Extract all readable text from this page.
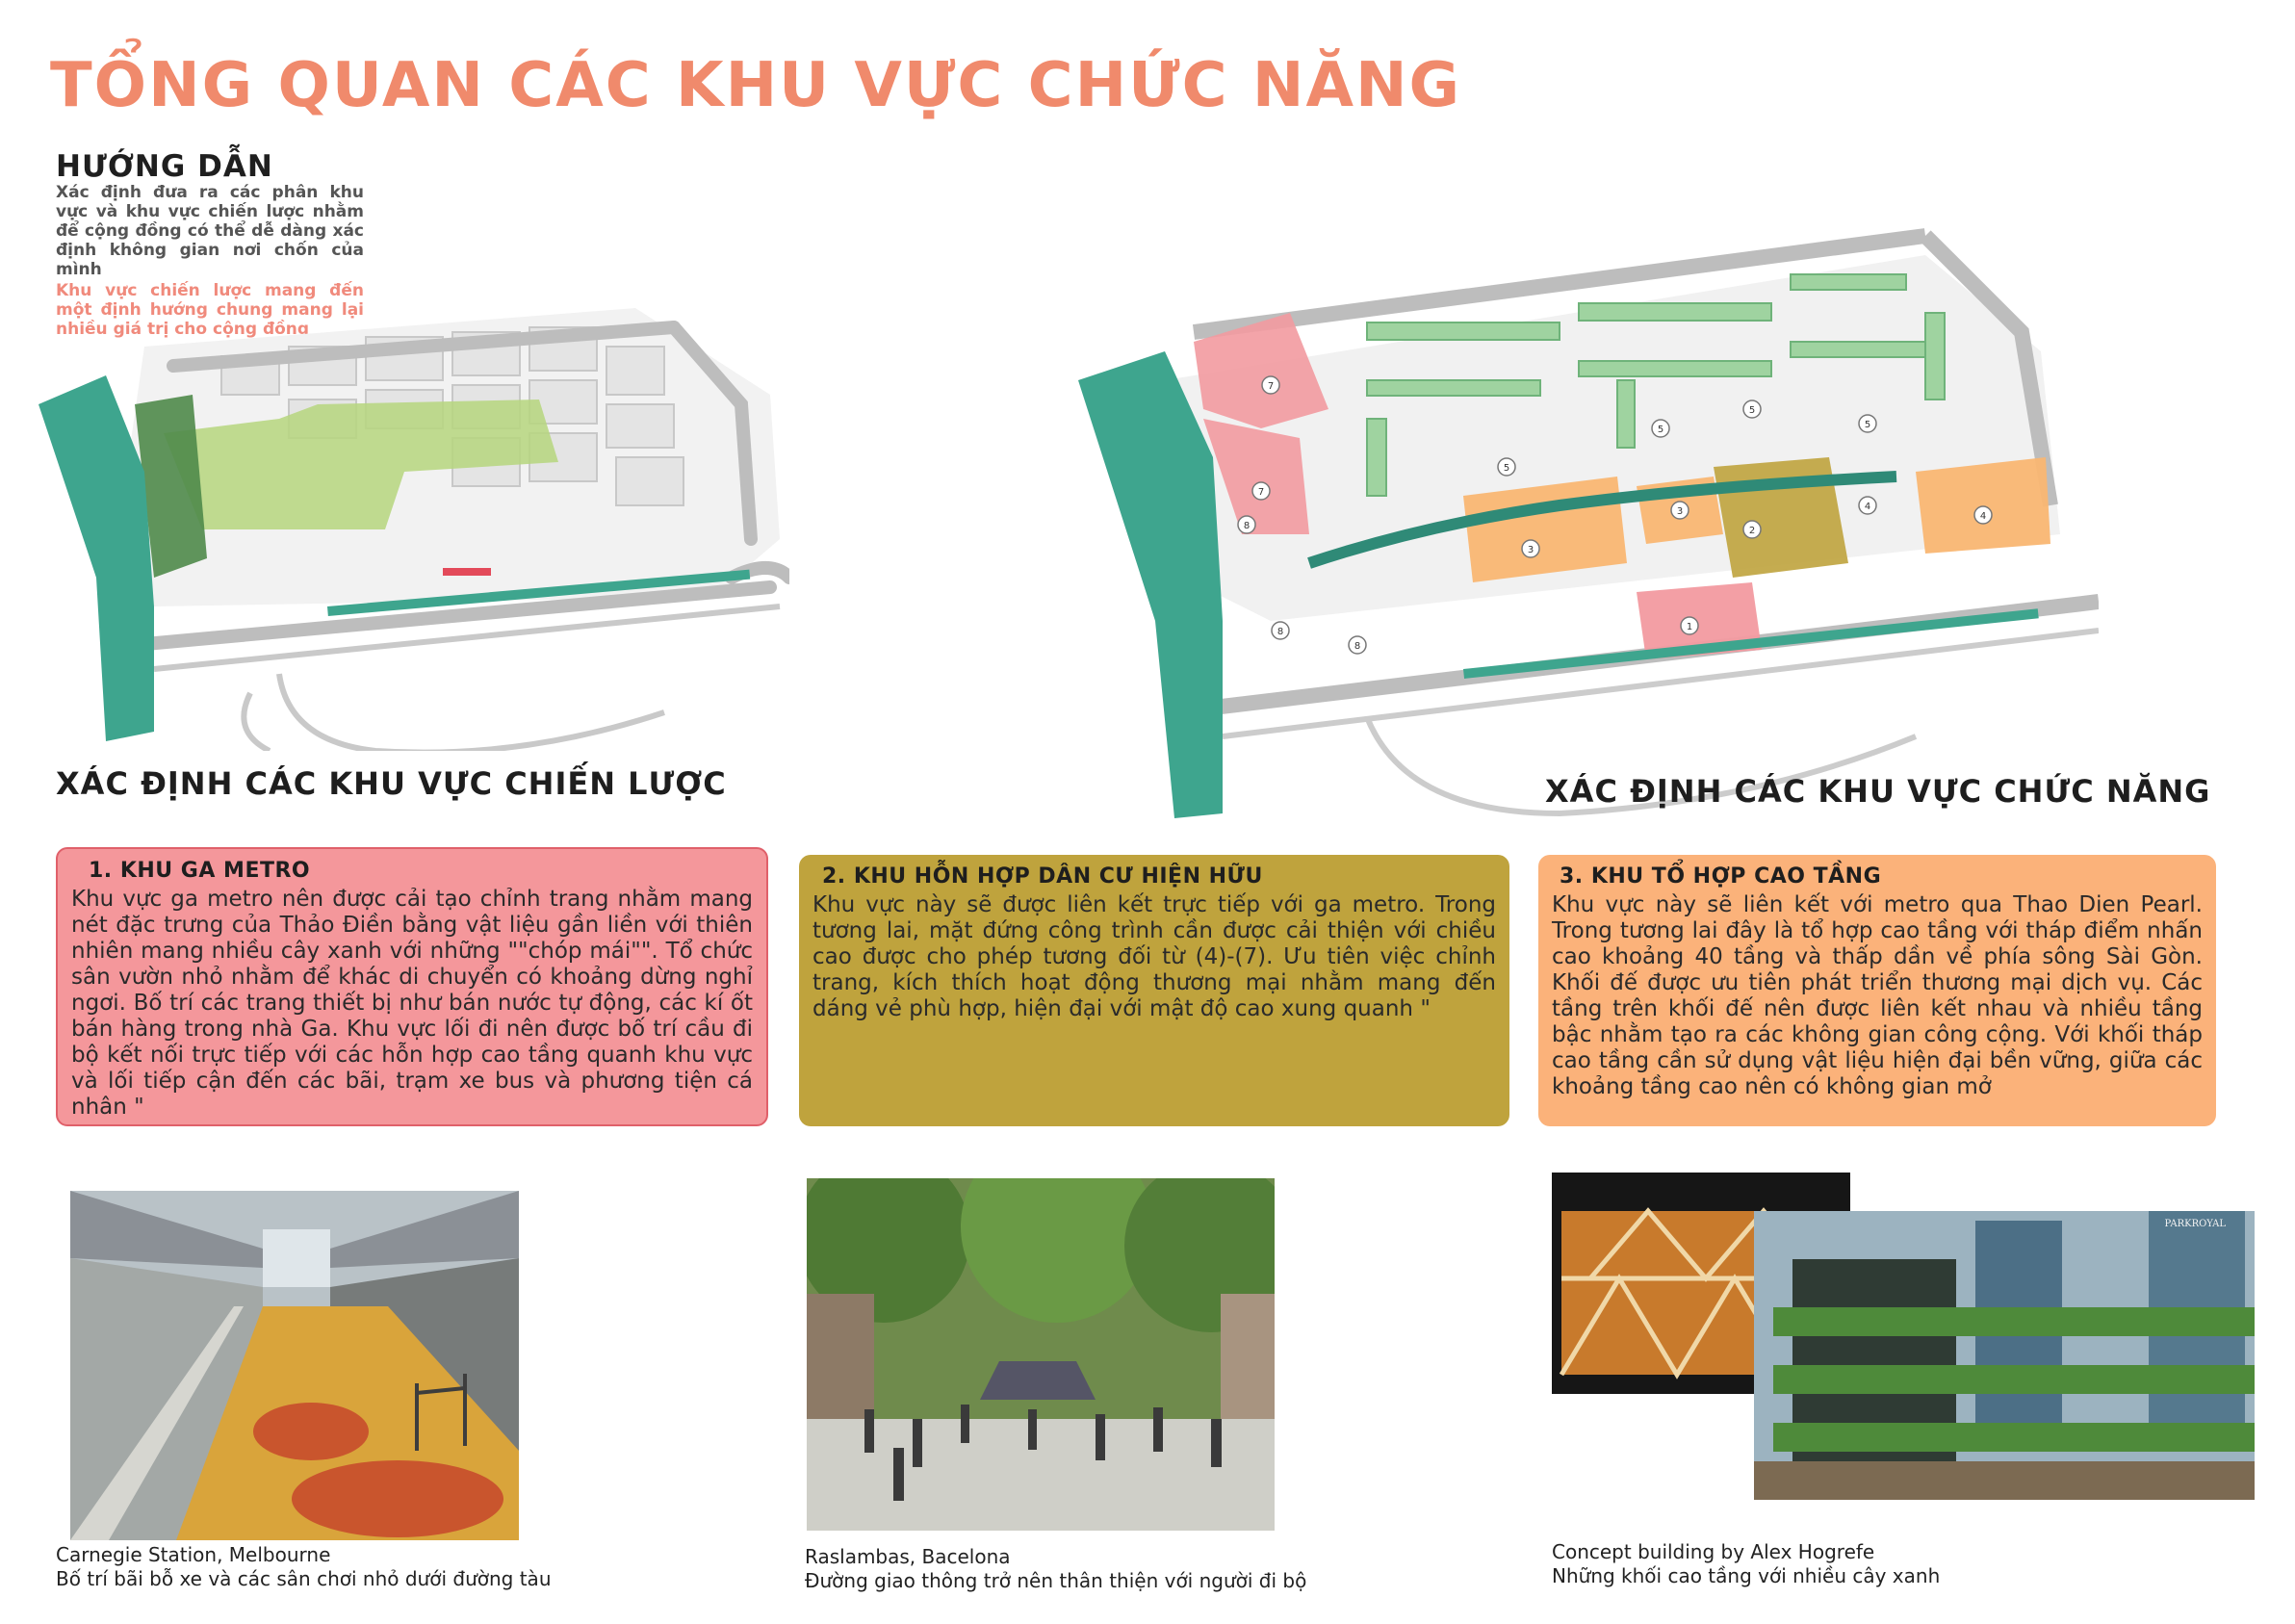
TỔNG QUAN CÁC KHU VỰC CHỨC NĂNG
HƯỚNG DẪN
Xác định đưa ra các phân khu vực và khu vực chiến lược nhằm để cộng đồng có thể dễ dàng xác định không gian nơi chốn của mình
Khu vực chiến lược mang đến một định hướng chung mang lại nhiều giá trị cho cộng đồng
7
7
8
8
8
5
5
5
5
3
3
2
4
4
1
XÁC ĐỊNH CÁC KHU VỰC CHIẾN LƯỢC	XÁC ĐỊNH CÁC KHU VỰC CHỨC NĂNG
1. KHU GA METRO
Khu vực ga metro nên được cải tạo chỉnh trang nhằm mang nét đặc trưng của Thảo Điền bằng vật liệu gần liền với thiên nhiên mang nhiều cây xanh với những ""chóp mái"". Tổ chức sân vườn nhỏ nhằm để khác di chuyển có khoảng dừng nghỉ ngơi. Bố trí các trang thiết bị như bán nước tự động, các kí ốt bán hàng trong nhà Ga. Khu vực lối đi nên được bố trí cầu đi bộ kết nối trực tiếp với các hỗn hợp cao tầng quanh khu vực và lối tiếp cận đến các bãi, trạm xe bus và phương tiện cá nhân "
2. KHU HỖN HỢP DÂN CƯ HIỆN HỮU
Khu vực này sẽ được liên kết trực tiếp với ga metro. Trong tương lai, mặt đứng công trình cần được cải thiện với chiều cao được cho phép tương đối từ (4)-(7). Ưu tiên việc chỉnh trang, kích thích hoạt động thương mại nhằm mang đến dáng vẻ phù hợp, hiện đại với mật độ cao xung quanh "
3. KHU TỔ HỢP CAO TẦNG
Khu vực này sẽ liên kết với metro qua Thao Dien Pearl. Trong tương lai đây là tổ hợp cao tầng với tháp điểm nhấn cao khoảng 40 tầng và thấp dần về phía sông Sài Gòn. Khối đế được ưu tiên phát triển thương mại dịch vụ. Các tầng trên khối đế nên được liên kết nhau và nhiều tầng bậc nhằm tạo ra các không gian công cộng. Với khối tháp cao tầng cần sử dụng vật liệu hiện đại bền vững, giữa các khoảng tầng cao nên có không gian mở
PARKROYAL
Carnegie Station, Melbourne
Bố trí bãi bỗ xe và các sân chơi nhỏ dưới đường tàu
Raslambas, Bacelona
Đường giao thông trở nên thân thiện với người đi bộ
Concept building by Alex Hogrefe
Những khối cao tầng với nhiều cây xanh
